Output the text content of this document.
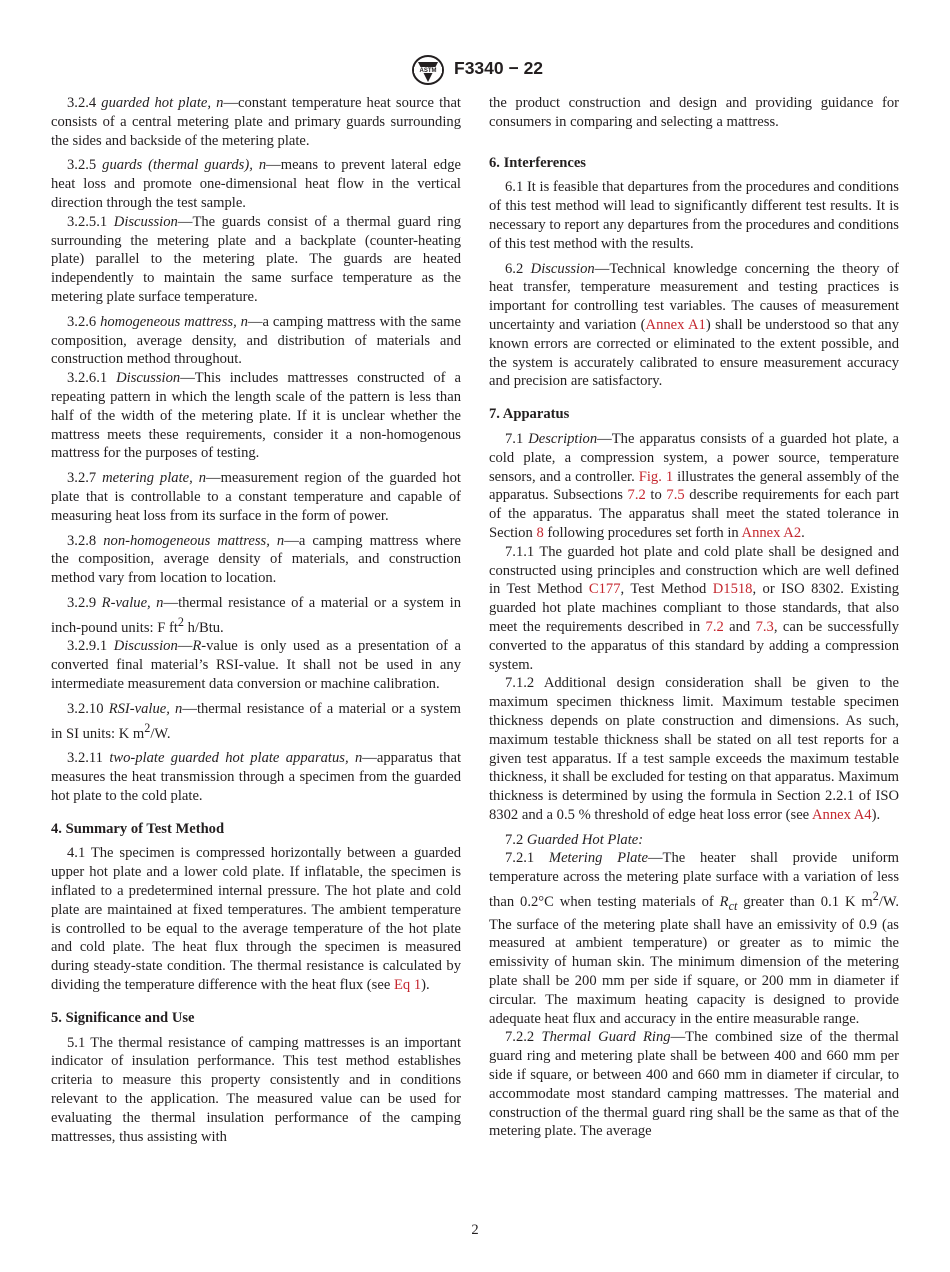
ASTM F3340 − 22

3.2.4 guarded hot plate, n—constant temperature heat source that consists of a central metering plate and primary guards surrounding the sides and backside of the metering plate.

3.2.5 guards (thermal guards), n—means to prevent lateral edge heat loss and promote one-dimensional heat flow in the vertical direction through the test sample.

3.2.5.1 Discussion—The guards consist of a thermal guard ring surrounding the metering plate and a backplate (counter-heating plate) parallel to the metering plate. The guards are heated independently to maintain the same surface temperature as the metering plate surface temperature.

3.2.6 homogeneous mattress, n—a camping mattress with the same composition, average density, and distribution of materials and construction method throughout.

3.2.6.1 Discussion—This includes mattresses constructed of a repeating pattern in which the length scale of the pattern is less than half of the width of the metering plate. If it is unclear whether the mattress meets these requirements, consider it a non-homogenous mattress for the purposes of testing.

3.2.7 metering plate, n—measurement region of the guarded hot plate that is controllable to a constant temperature and capable of measuring heat loss from its surface in the form of power.

3.2.8 non-homogeneous mattress, n—a camping mattress where the composition, average density of materials, and construction method vary from location to location.

3.2.9 R-value, n—thermal resistance of a material or a system in inch-pound units: F $ft^2$ h/Btu.

3.2.9.1 Discussion—R-value is only used as a presentation of a converted final material’s RSI-value. It shall not be used in any intermediate measurement data conversion or machine calibration.

3.2.10 RSI-value, n—thermal resistance of a material or a system in SI units: K $m^2/W$.

3.2.11 two-plate guarded hot plate apparatus, n—apparatus that measures the heat transmission through a specimen from the guarded hot plate to the cold plate.

4. Summary of Test Method

4.1 The specimen is compressed horizontally between a guarded upper hot plate and a lower cold plate. If inflatable, the specimen is inflated to a predetermined internal pressure. The hot plate and cold plate are maintained at fixed temperatures. The ambient temperature is controlled to be equal to the average temperature of the hot plate and cold plate. The heat flux through the specimen is measured during steady-state condition. The thermal resistance is calculated by dividing the temperature difference with the heat flux (see Eq 1).

5. Significance and Use

5.1 The thermal resistance of camping mattresses is an important indicator of insulation performance. This test method establishes criteria to measure this property consistently and in conditions relevant to the application. The measured value can be used for evaluating the thermal insulation performance of the camping mattresses, thus assisting with

the product construction and design and providing guidance for consumers in comparing and selecting a mattress.

6. Interferences

6.1 It is feasible that departures from the procedures and conditions of this test method will lead to significantly different test results. It is necessary to report any departures from the procedures and conditions of this test method with the results.

6.2 Discussion—Technical knowledge concerning the theory of heat transfer, temperature measurement and testing practices is important for controlling test variables. The causes of measurement uncertainty and variation (Annex A1) shall be understood so that any known errors are corrected or eliminated to the extent possible, and the system is accurately calibrated to ensure measurement accuracy and precision are satisfactory.

7. Apparatus

7.1 Description—The apparatus consists of a guarded hot plate, a cold plate, a compression system, a power source, temperature sensors, and a controller. Fig. 1 illustrates the general assembly of the apparatus. Subsections 7.2 to 7.5 describe requirements for each part of the apparatus. The apparatus shall meet the stated tolerance in Section 8 following procedures set forth in Annex A2.

7.1.1 The guarded hot plate and cold plate shall be designed and constructed using principles and construction which are well defined in Test Method C177, Test Method D1518, or ISO 8302. Existing guarded hot plate machines compliant to those standards, that also meet the requirements described in 7.2 and 7.3, can be successfully converted to the apparatus of this standard by adding a compression system.

7.1.2 Additional design consideration shall be given to the maximum specimen thickness limit. Maximum testable specimen thickness depends on plate construction and dimensions. As such, maximum testable thickness shall be stated on all test reports for a given test apparatus. If a test sample exceeds the maximum testable thickness, it shall be excluded for testing on that apparatus. Maximum thickness is determined by using the formula in Section 2.2.1 of ISO 8302 and a 0.5 % threshold of edge heat loss error (see Annex A4).

7.2 Guarded Hot Plate:

7.2.1 Metering Plate—The heater shall provide uniform temperature across the metering plate surface with a variation of less than 0.2°C when testing materials of $R_{ct}$ greater than 0.1 K $m^2/W$. The surface of the metering plate shall have an emissivity of 0.9 (as measured at ambient temperature) or greater as to mimic the emissivity of human skin. The minimum dimension of the metering plate shall be 200 mm per side if square, or 200 mm in diameter if circular. The maximum heating capacity is designed to provide adequate heat flux and accuracy in the entire measurable range.

7.2.2 Thermal Guard Ring—The combined size of the thermal guard ring and metering plate shall be between 400 and 660 mm per side if square, or between 400 and 660 mm in diameter if circular, to accommodate most standard camping mattresses. The material and construction of the thermal guard ring shall be the same as that of the metering plate. The average

2
